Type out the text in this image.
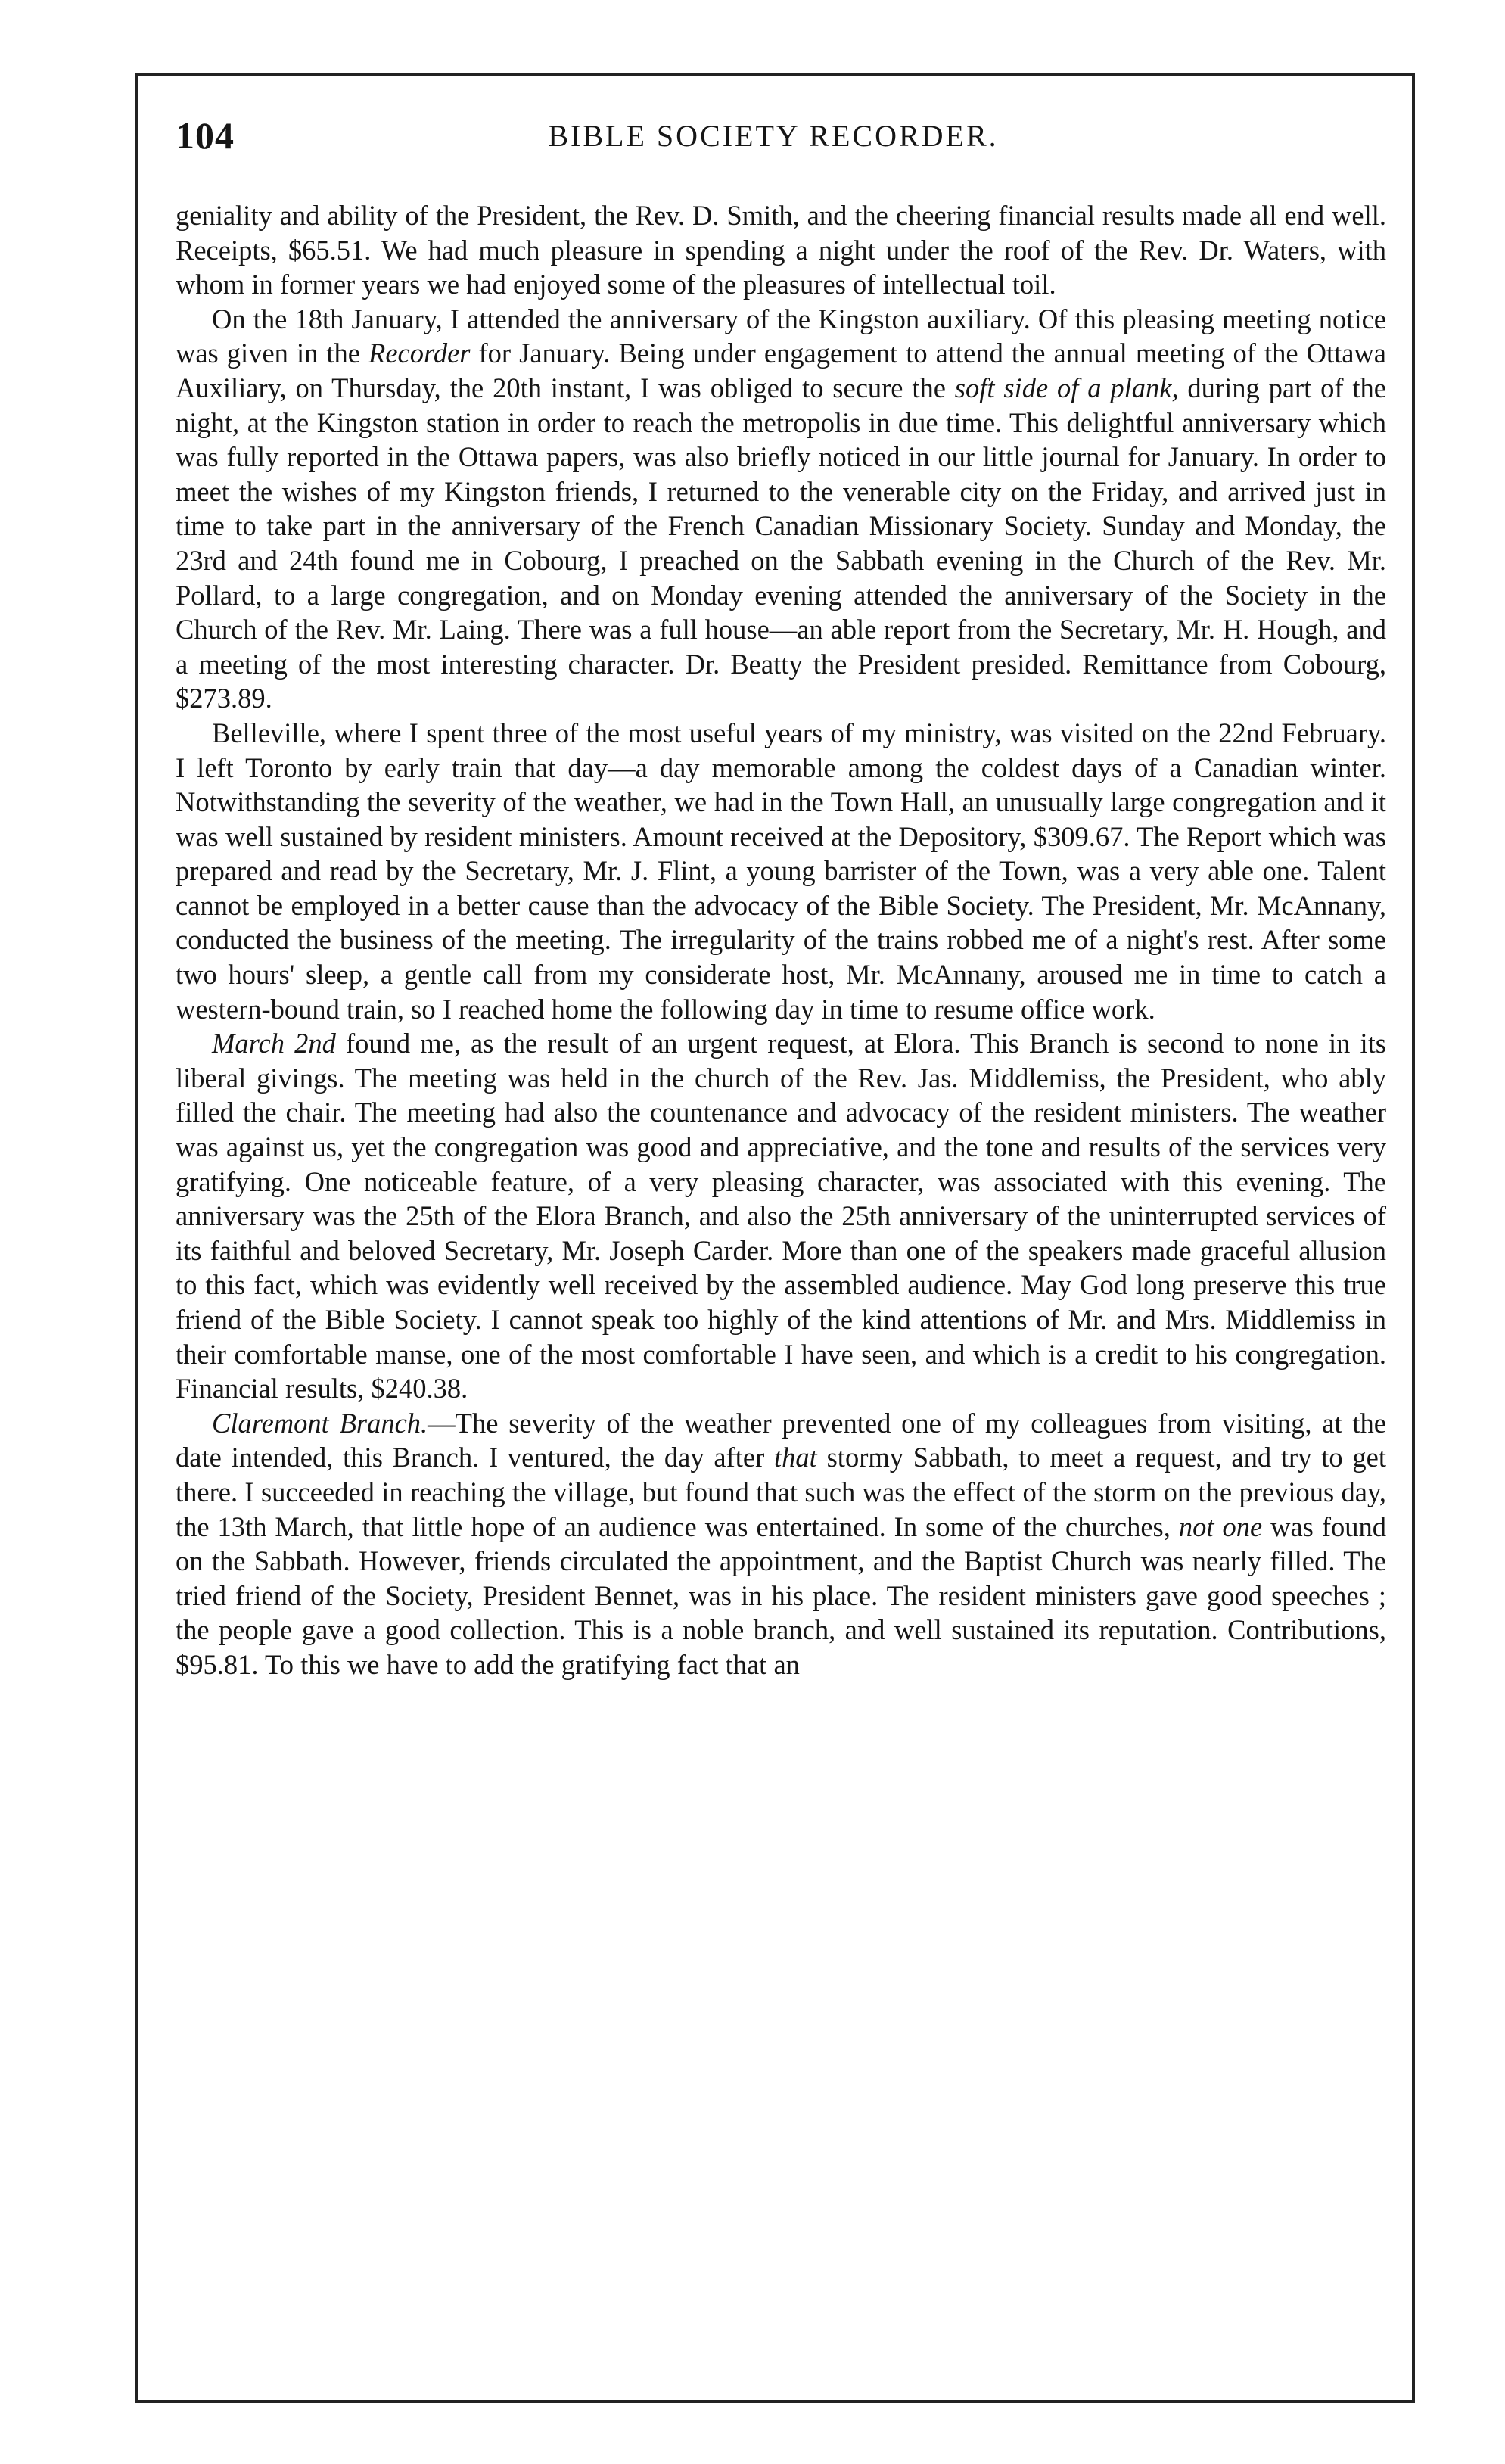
104	BIBLE SOCIETY RECORDER.

geniality and ability of the President, the Rev. D. Smith, and the cheering financial results made all end well. Receipts, $65.51. We had much pleasure in spending a night under the roof of the Rev. Dr. Waters, with whom in former years we had enjoyed some of the pleasures of intellectual toil.

On the 18th January, I attended the anniversary of the Kingston auxiliary. Of this pleasing meeting notice was given in the Recorder for January. Being under engagement to attend the annual meeting of the Ottawa Auxiliary, on Thursday, the 20th instant, I was obliged to secure the soft side of a plank, during part of the night, at the Kingston station in order to reach the metropolis in due time. This delightful anniversary which was fully reported in the Ottawa papers, was also briefly noticed in our little journal for January. In order to meet the wishes of my Kingston friends, I returned to the venerable city on the Friday, and arrived just in time to take part in the anniversary of the French Canadian Missionary Society. Sunday and Monday, the 23rd and 24th found me in Cobourg, I preached on the Sabbath evening in the Church of the Rev. Mr. Pollard, to a large congregation, and on Monday evening attended the anniversary of the Society in the Church of the Rev. Mr. Laing. There was a full house—an able report from the Secretary, Mr. H. Hough, and a meeting of the most interesting character. Dr. Beatty the President presided. Remittance from Cobourg, $273.89.

Belleville, where I spent three of the most useful years of my ministry, was visited on the 22nd February. I left Toronto by early train that day—a day memorable among the coldest days of a Canadian winter. Notwithstanding the severity of the weather, we had in the Town Hall, an unusually large congregation and it was well sustained by resident ministers. Amount received at the Depository, $309.67. The Report which was prepared and read by the Secretary, Mr. J. Flint, a young barrister of the Town, was a very able one. Talent cannot be employed in a better cause than the advocacy of the Bible Society. The President, Mr. McAnnany, conducted the business of the meeting. The irregularity of the trains robbed me of a night's rest. After some two hours' sleep, a gentle call from my considerate host, Mr. McAnnany, aroused me in time to catch a western-bound train, so I reached home the following day in time to resume office work.

March 2nd found me, as the result of an urgent request, at Elora. This Branch is second to none in its liberal givings. The meeting was held in the church of the Rev. Jas. Middlemiss, the President, who ably filled the chair. The meeting had also the countenance and advocacy of the resident ministers. The weather was against us, yet the congregation was good and appreciative, and the tone and results of the services very gratifying. One noticeable feature, of a very pleasing character, was associated with this evening. The anniversary was the 25th of the Elora Branch, and also the 25th anniversary of the uninterrupted services of its faithful and beloved Secretary, Mr. Joseph Carder. More than one of the speakers made graceful allusion to this fact, which was evidently well received by the assembled audience. May God long preserve this true friend of the Bible Society. I cannot speak too highly of the kind attentions of Mr. and Mrs. Middlemiss in their comfortable manse, one of the most comfortable I have seen, and which is a credit to his congregation. Financial results, $240.38.

Claremont Branch.—The severity of the weather prevented one of my colleagues from visiting, at the date intended, this Branch. I ventured, the day after that stormy Sabbath, to meet a request, and try to get there. I succeeded in reaching the village, but found that such was the effect of the storm on the previous day, the 13th March, that little hope of an audience was entertained. In some of the churches, not one was found on the Sabbath. However, friends circulated the appointment, and the Baptist Church was nearly filled. The tried friend of the Society, President Bennet, was in his place. The resident ministers gave good speeches ; the people gave a good collection. This is a noble branch, and well sustained its reputation. Contributions, $95.81. To this we have to add the gratifying fact that an
